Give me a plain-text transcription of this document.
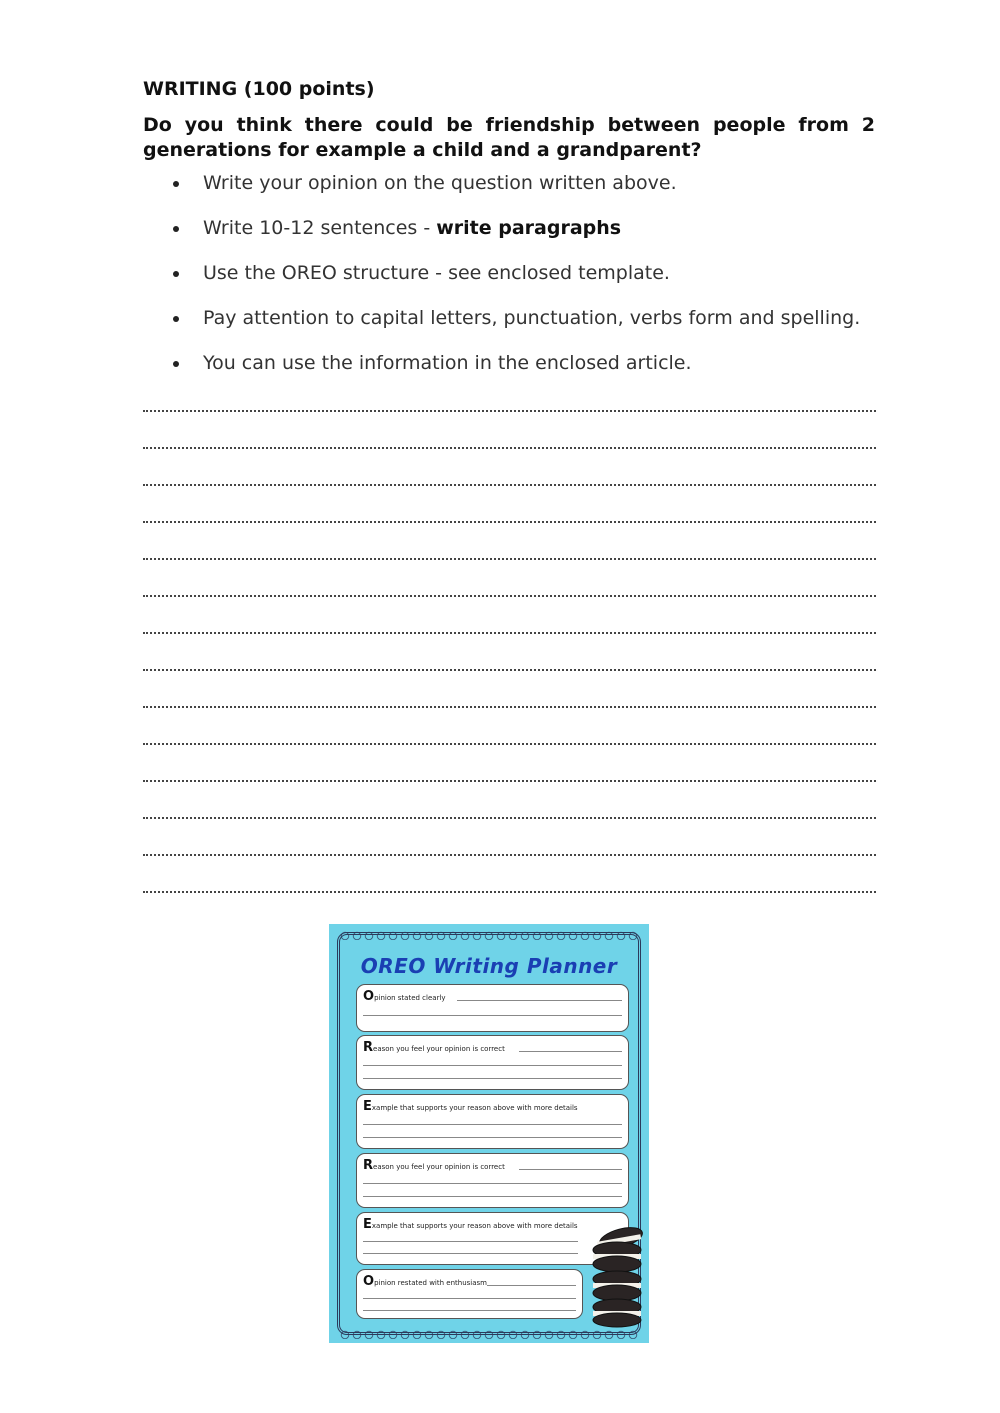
WRITING (100 points)
Do you think there could be friendship between people from 2 generations for example a child and a grandparent?
Write your opinion on the question written above.
Write 10-12 sentences - write paragraphs
Use the OREO structure - see enclosed template.
Pay attention to capital letters, punctuation, verbs form and spelling.
You can use the information in the enclosed article.
OREO Writing Planner
Opinion stated clearly
Reason you feel your opinion is correct
Example that supports your reason above with more details
Reason you feel your opinion is correct
Example that supports your reason above with more details
Opinion restated with enthusiasm
